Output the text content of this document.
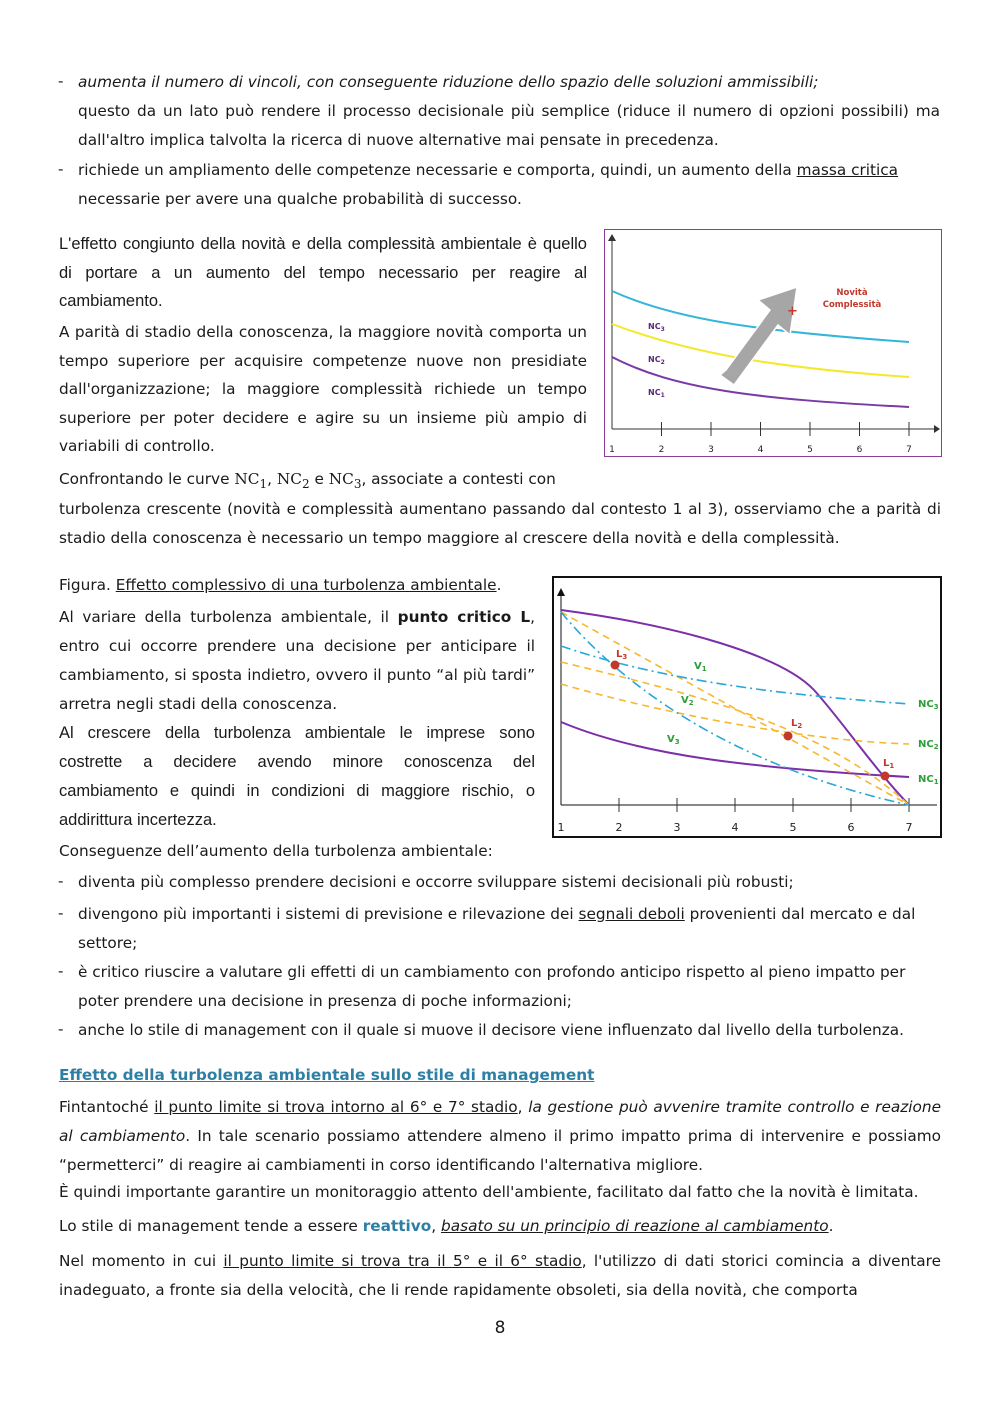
- aumenta il numero di vincoli, con conseguente riduzione dello spazio delle soluzioni ammissibili;

questo da un lato può rendere il processo decisionale più semplice (riduce il numero di opzioni possibili) ma dall'altro implica talvolta la ricerca di nuove alternative mai pensate in precedenza.

- richiede un ampliamento delle competenze necessarie e comporta, quindi, un aumento della massa critica
necessarie per avere una qualche probabilità di successo.

L'effetto congiunto della novità e della complessità ambientale è quello di portare a un aumento del tempo necessario per reagire al cambiamento.

A parità di stadio della conoscenza, la maggiore novità comporta un tempo superiore per acquisire competenze nuove non presidiate dall'organizzazione; la maggiore complessità richiede un tempo superiore per poter decidere e agire su un insieme più ampio di variabili di controllo.

Confrontando le curve $NC_1$, $NC_2$ e $NC_3$, associate a contesti con

turbolenza crescente (novità e complessità aumentano passando dal contesto 1 al 3), osserviamo che a parità di stadio della conoscenza è necessario un tempo maggiore al crescere della novità e della complessità.

1	2	3	4	5	6	7
+
Novità
Complessità
$NC_3$
$NC_2$
$NC_1$

Figura. Effetto complessivo di una turbolenza ambientale.

Al variare della turbolenza ambientale, il punto critico L, entro cui occorre prendere una decisione per anticipare il cambiamento, si sposta indietro, ovvero il punto “al più tardi” arretra negli stadi della conoscenza.

Al crescere della turbolenza ambientale le imprese sono costrette a decidere avendo minore conoscenza del cambiamento e quindi in condizioni di maggiore rischio, o addirittura incertezza.

Conseguenze dell’aumento della turbolenza ambientale:

1	2	3	4	5	6	7
$L_3$
$L_2$
$L_1$
$V_1$
$V_2$
$V_3$
$NC_3$
$NC_2$
$NC_1$
- diventa più complesso prendere decisioni e occorre sviluppare sistemi decisionali più robusti;

- divengono più importanti i sistemi di previsione e rilevazione dei segnali deboli provenienti dal mercato e dal
settore;

- è critico riuscire a valutare gli effetti di un cambiamento con profondo anticipo rispetto al pieno impatto per
poter prendere una decisione in presenza di poche informazioni;

- anche lo stile di management con il quale si muove il decisore viene influenzato dal livello della turbolenza.

Effetto della turbolenza ambientale sullo stile di management

Fintantoché il punto limite si trova intorno al 6° e 7° stadio, la gestione può avvenire tramite controllo e reazione al cambiamento. In tale scenario possiamo attendere almeno il primo impatto prima di intervenire e possiamo “permetterci” di reagire ai cambiamenti in corso identificando l'alternativa migliore.

È quindi importante garantire un monitoraggio attento dell'ambiente, facilitato dal fatto che la novità è limitata.

Lo stile di management tende a essere reattivo, basato su un principio di reazione al cambiamento.

Nel momento in cui il punto limite si trova tra il 5° e il 6° stadio, l'utilizzo di dati storici comincia a diventare inadeguato, a fronte sia della velocità, che li rende rapidamente obsoleti, sia della novità, che comporta

8
